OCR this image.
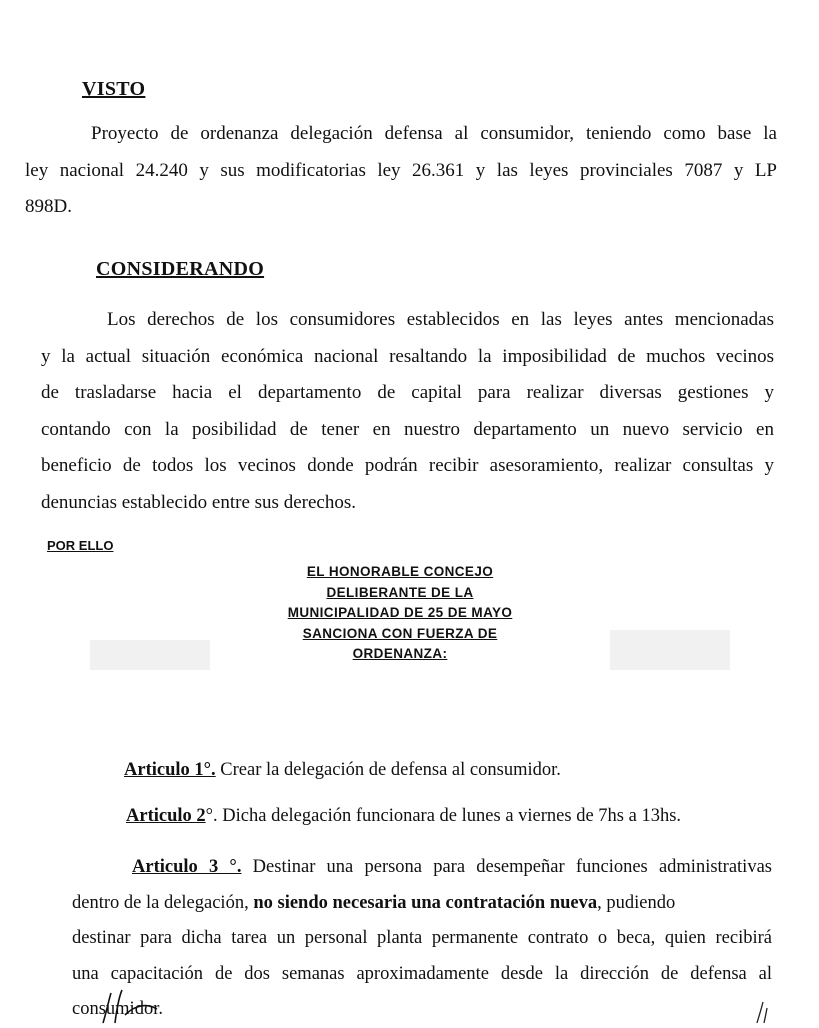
VISTO

Proyecto de ordenanza delegación defensa al consumidor, teniendo como base la

ley nacional 24.240 y sus modificatorias ley 26.361 y las leyes provinciales 7087 y LP

898D.

CONSIDERANDO

Los derechos de los consumidores establecidos en las leyes antes mencionadas

y la actual situación económica nacional resaltando la imposibilidad de muchos vecinos

de trasladarse hacia el departamento de capital para realizar diversas gestiones y

contando con la posibilidad de tener en nuestro departamento un nuevo servicio en

beneficio de todos los vecinos donde podrán recibir asesoramiento, realizar consultas y

denuncias establecido entre sus derechos.

POR ELLO
EL HONORABLE CONCEJO
DELIBERANTE DE LA
MUNICIPALIDAD DE 25 DE MAYO
SANCIONA CON FUERZA DE
ORDENANZA:
Articulo 1°. Crear la delegación de defensa al consumidor.
Articulo 2°. Dicha delegación funcionara de lunes a viernes de 7hs a 13hs.
Articulo 3 °. Destinar una persona para desempeñar funciones administrativas
dentro de la delegación, no siendo necesaria una contratación nueva, pudiendo
destinar para dicha tarea un personal planta permanente contrato o beca, quien recibirá
una capacitación de dos semanas aproximadamente desde la dirección de defensa al
consumidor.
